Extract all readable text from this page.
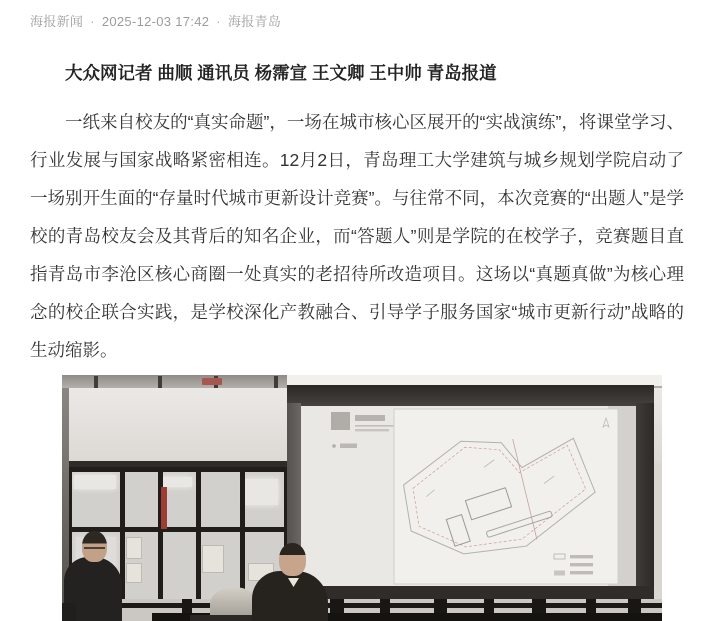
海报新闻 · 2025-12-03 17:42 · 海报青岛
大众网记者 曲顺 通讯员 杨霈宣 王文卿 王中帅 青岛报道

一纸来自校友的“真实命题”，一场在城市核心区展开的“实战演练”，将课堂学习、行业发展与国家战略紧密相连。12月2日，青岛理工大学建筑与城乡规划学院启动了一场别开生面的“存量时代城市更新设计竞赛”。与往常不同，本次竞赛的“出题人”是学校的青岛校友会及其背后的知名企业，而“答题人”则是学院的在校学子，竞赛题目直指青岛市李沧区核心商圈一处真实的老招待所改造项目。这场以“真题真做”为核心理念的校企联合实践，是学校深化产教融合、引导学子服务国家“城市更新行动”战略的生动缩影。
